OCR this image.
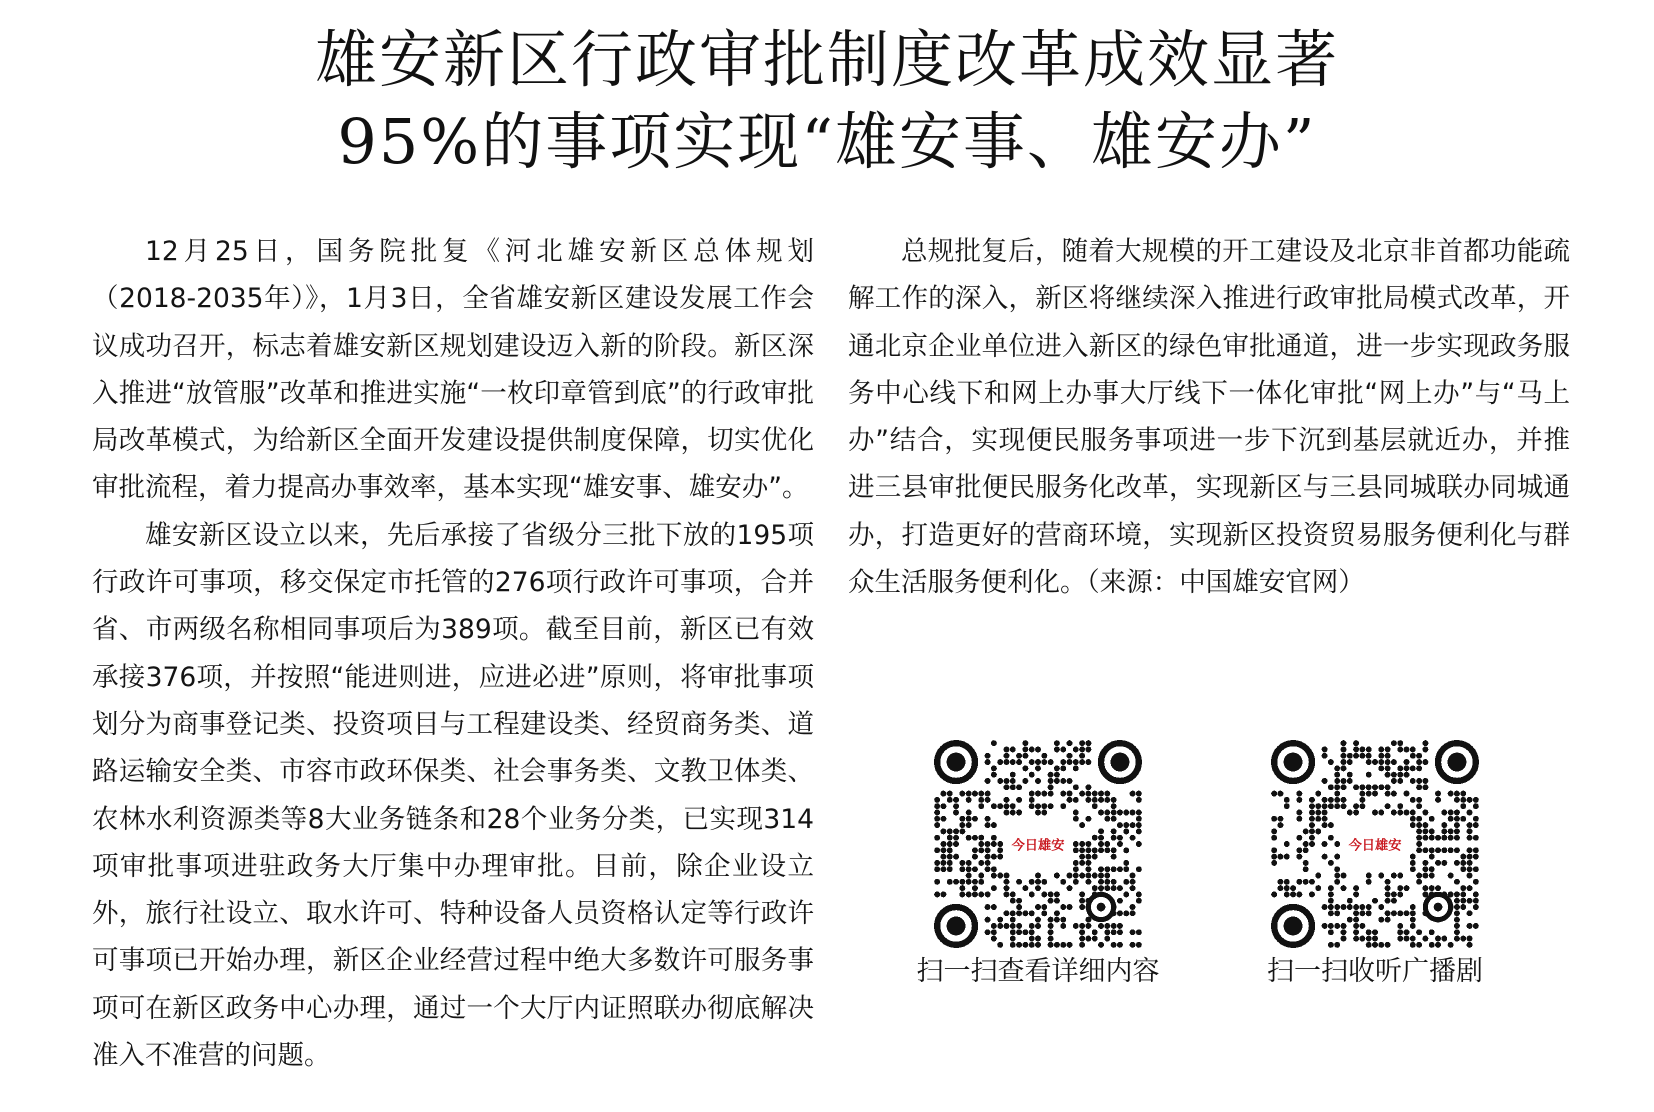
雄安新区行政审批制度改革成效显著
95%的事项实现“雄安事、雄安办”

12月25日，国务院批复《河北雄安新区总体规划（2018-2035年）》，1月3日，全省雄安新区建设发展工作会议成功召开，标志着雄安新区规划建设迈入新的阶段。新区深入推进“放管服”改革和推进实施“一枚印章管到底”的行政审批局改革模式，为给新区全面开发建设提供制度保障，切实优化审批流程，着力提高办事效率，基本实现“雄安事、雄安办”。

雄安新区设立以来，先后承接了省级分三批下放的195项行政许可事项，移交保定市托管的276项行政许可事项，合并省、市两级名称相同事项后为389项。截至目前，新区已有效承接376项，并按照“能进则进，应进必进”原则，将审批事项划分为商事登记类、投资项目与工程建设类、经贸商务类、道路运输安全类、市容市政环保类、社会事务类、文教卫体类、农林水利资源类等8大业务链条和28个业务分类，已实现314项审批事项进驻政务大厅集中办理审批。目前，除企业设立外，旅行社设立、取水许可、特种设备人员资格认定等行政许可事项已开始办理，新区企业经营过程中绝大多数许可服务事项可在新区政务中心办理，通过一个大厅内证照联办彻底解决准入不准营的问题。

总规批复后，随着大规模的开工建设及北京非首都功能疏解工作的深入，新区将继续深入推进行政审批局模式改革，开通北京企业单位进入新区的绿色审批通道，进一步实现政务服务中心线下和网上办事大厅线下一体化审批“网上办”与“马上办”结合，实现便民服务事项进一步下沉到基层就近办，并推进三县审批便民服务化改革，实现新区与三县同城联办同城通办，打造更好的营商环境，实现新区投资贸易服务便利化与群众生活服务便利化。（来源：中国雄安官网）

今日雄安
扫一扫查看详细内容
今日雄安
扫一扫收听广播剧
